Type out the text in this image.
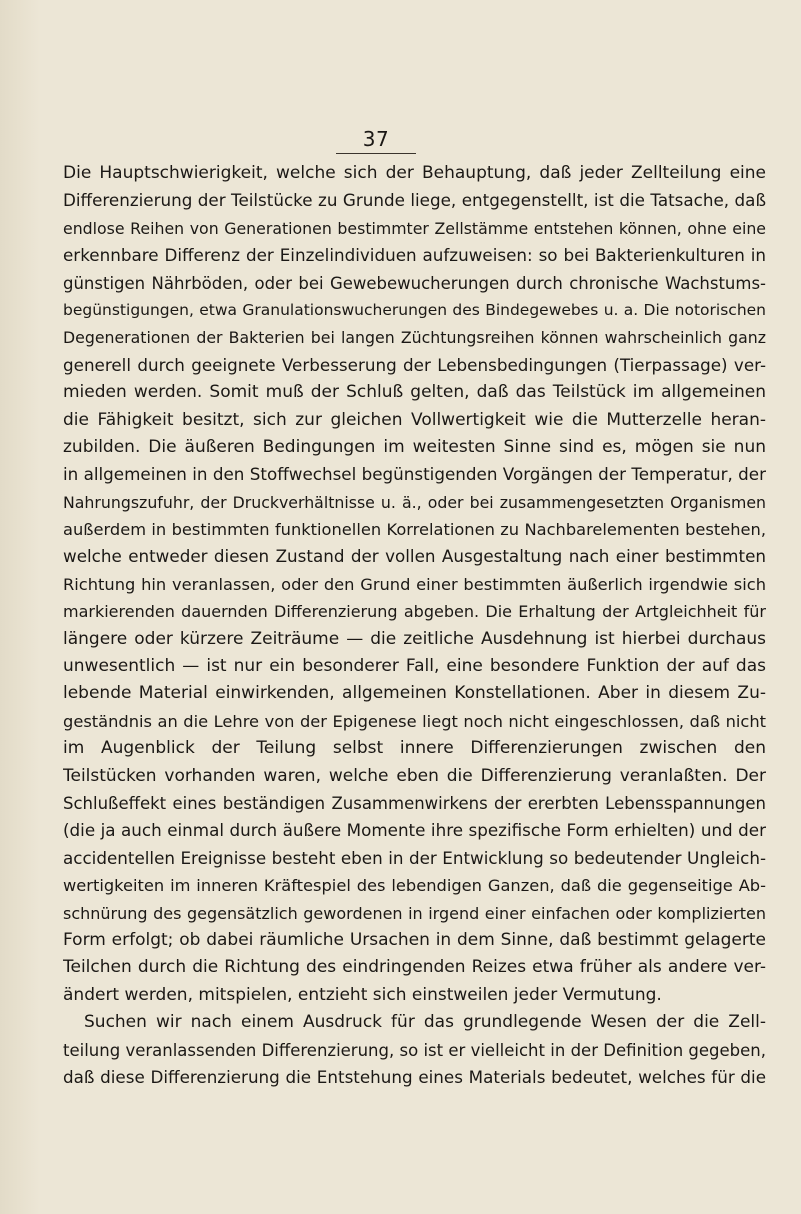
37
Die Hauptschwierigkeit, welche sich der Behauptung, daß jeder Zellteilung eine
Differenzierung der Teilstücke zu Grunde liege, entgegenstellt, ist die Tatsache, daß
endlose Reihen von Generationen bestimmter Zellstämme entstehen können, ohne eine
erkennbare Differenz der Einzelindividuen aufzuweisen: so bei Bakterienkulturen in
günstigen Nährböden, oder bei Gewebewucherungen durch chronische Wachstums-
begünstigungen, etwa Granulationswucherungen des Bindegewebes u. a. Die notorischen
Degenerationen der Bakterien bei langen Züchtungsreihen können wahrscheinlich ganz
generell durch geeignete Verbesserung der Lebensbedingungen (Tierpassage) ver-
mieden werden. Somit muß der Schluß gelten, daß das Teilstück im allgemeinen
die Fähigkeit besitzt, sich zur gleichen Vollwertigkeit wie die Mutterzelle heran-
zubilden. Die äußeren Bedingungen im weitesten Sinne sind es, mögen sie nun
in allgemeinen in den Stoffwechsel begünstigenden Vorgängen der Temperatur, der
Nahrungszufuhr, der Druckverhältnisse u. ä., oder bei zusammengesetzten Organismen
außerdem in bestimmten funktionellen Korrelationen zu Nachbarelementen bestehen,
welche entweder diesen Zustand der vollen Ausgestaltung nach einer bestimmten
Richtung hin veranlassen, oder den Grund einer bestimmten äußerlich irgendwie sich
markierenden dauernden Differenzierung abgeben. Die Erhaltung der Artgleichheit für
längere oder kürzere Zeiträume — die zeitliche Ausdehnung ist hierbei durchaus
unwesentlich — ist nur ein besonderer Fall, eine besondere Funktion der auf das
lebende Material einwirkenden, allgemeinen Konstellationen. Aber in diesem Zu-
geständnis an die Lehre von der Epigenese liegt noch nicht eingeschlossen, daß nicht
im Augenblick der Teilung selbst innere Differenzierungen zwischen den
Teilstücken vorhanden waren, welche eben die Differenzierung veranlaßten. Der
Schlußeffekt eines beständigen Zusammenwirkens der ererbten Lebensspannungen
(die ja auch einmal durch äußere Momente ihre spezifische Form erhielten) und der
accidentellen Ereignisse besteht eben in der Entwicklung so bedeutender Ungleich-
wertigkeiten im inneren Kräftespiel des lebendigen Ganzen, daß die gegenseitige Ab-
schnürung des gegensätzlich gewordenen in irgend einer einfachen oder komplizierten
Form erfolgt; ob dabei räumliche Ursachen in dem Sinne, daß bestimmt gelagerte
Teilchen durch die Richtung des eindringenden Reizes etwa früher als andere ver-
ändert werden, mitspielen, entzieht sich einstweilen jeder Vermutung.
Suchen wir nach einem Ausdruck für das grundlegende Wesen der die Zell-
teilung veranlassenden Differenzierung, so ist er vielleicht in der Definition gegeben,
daß diese Differenzierung die Entstehung eines Materials bedeutet, welches für die
